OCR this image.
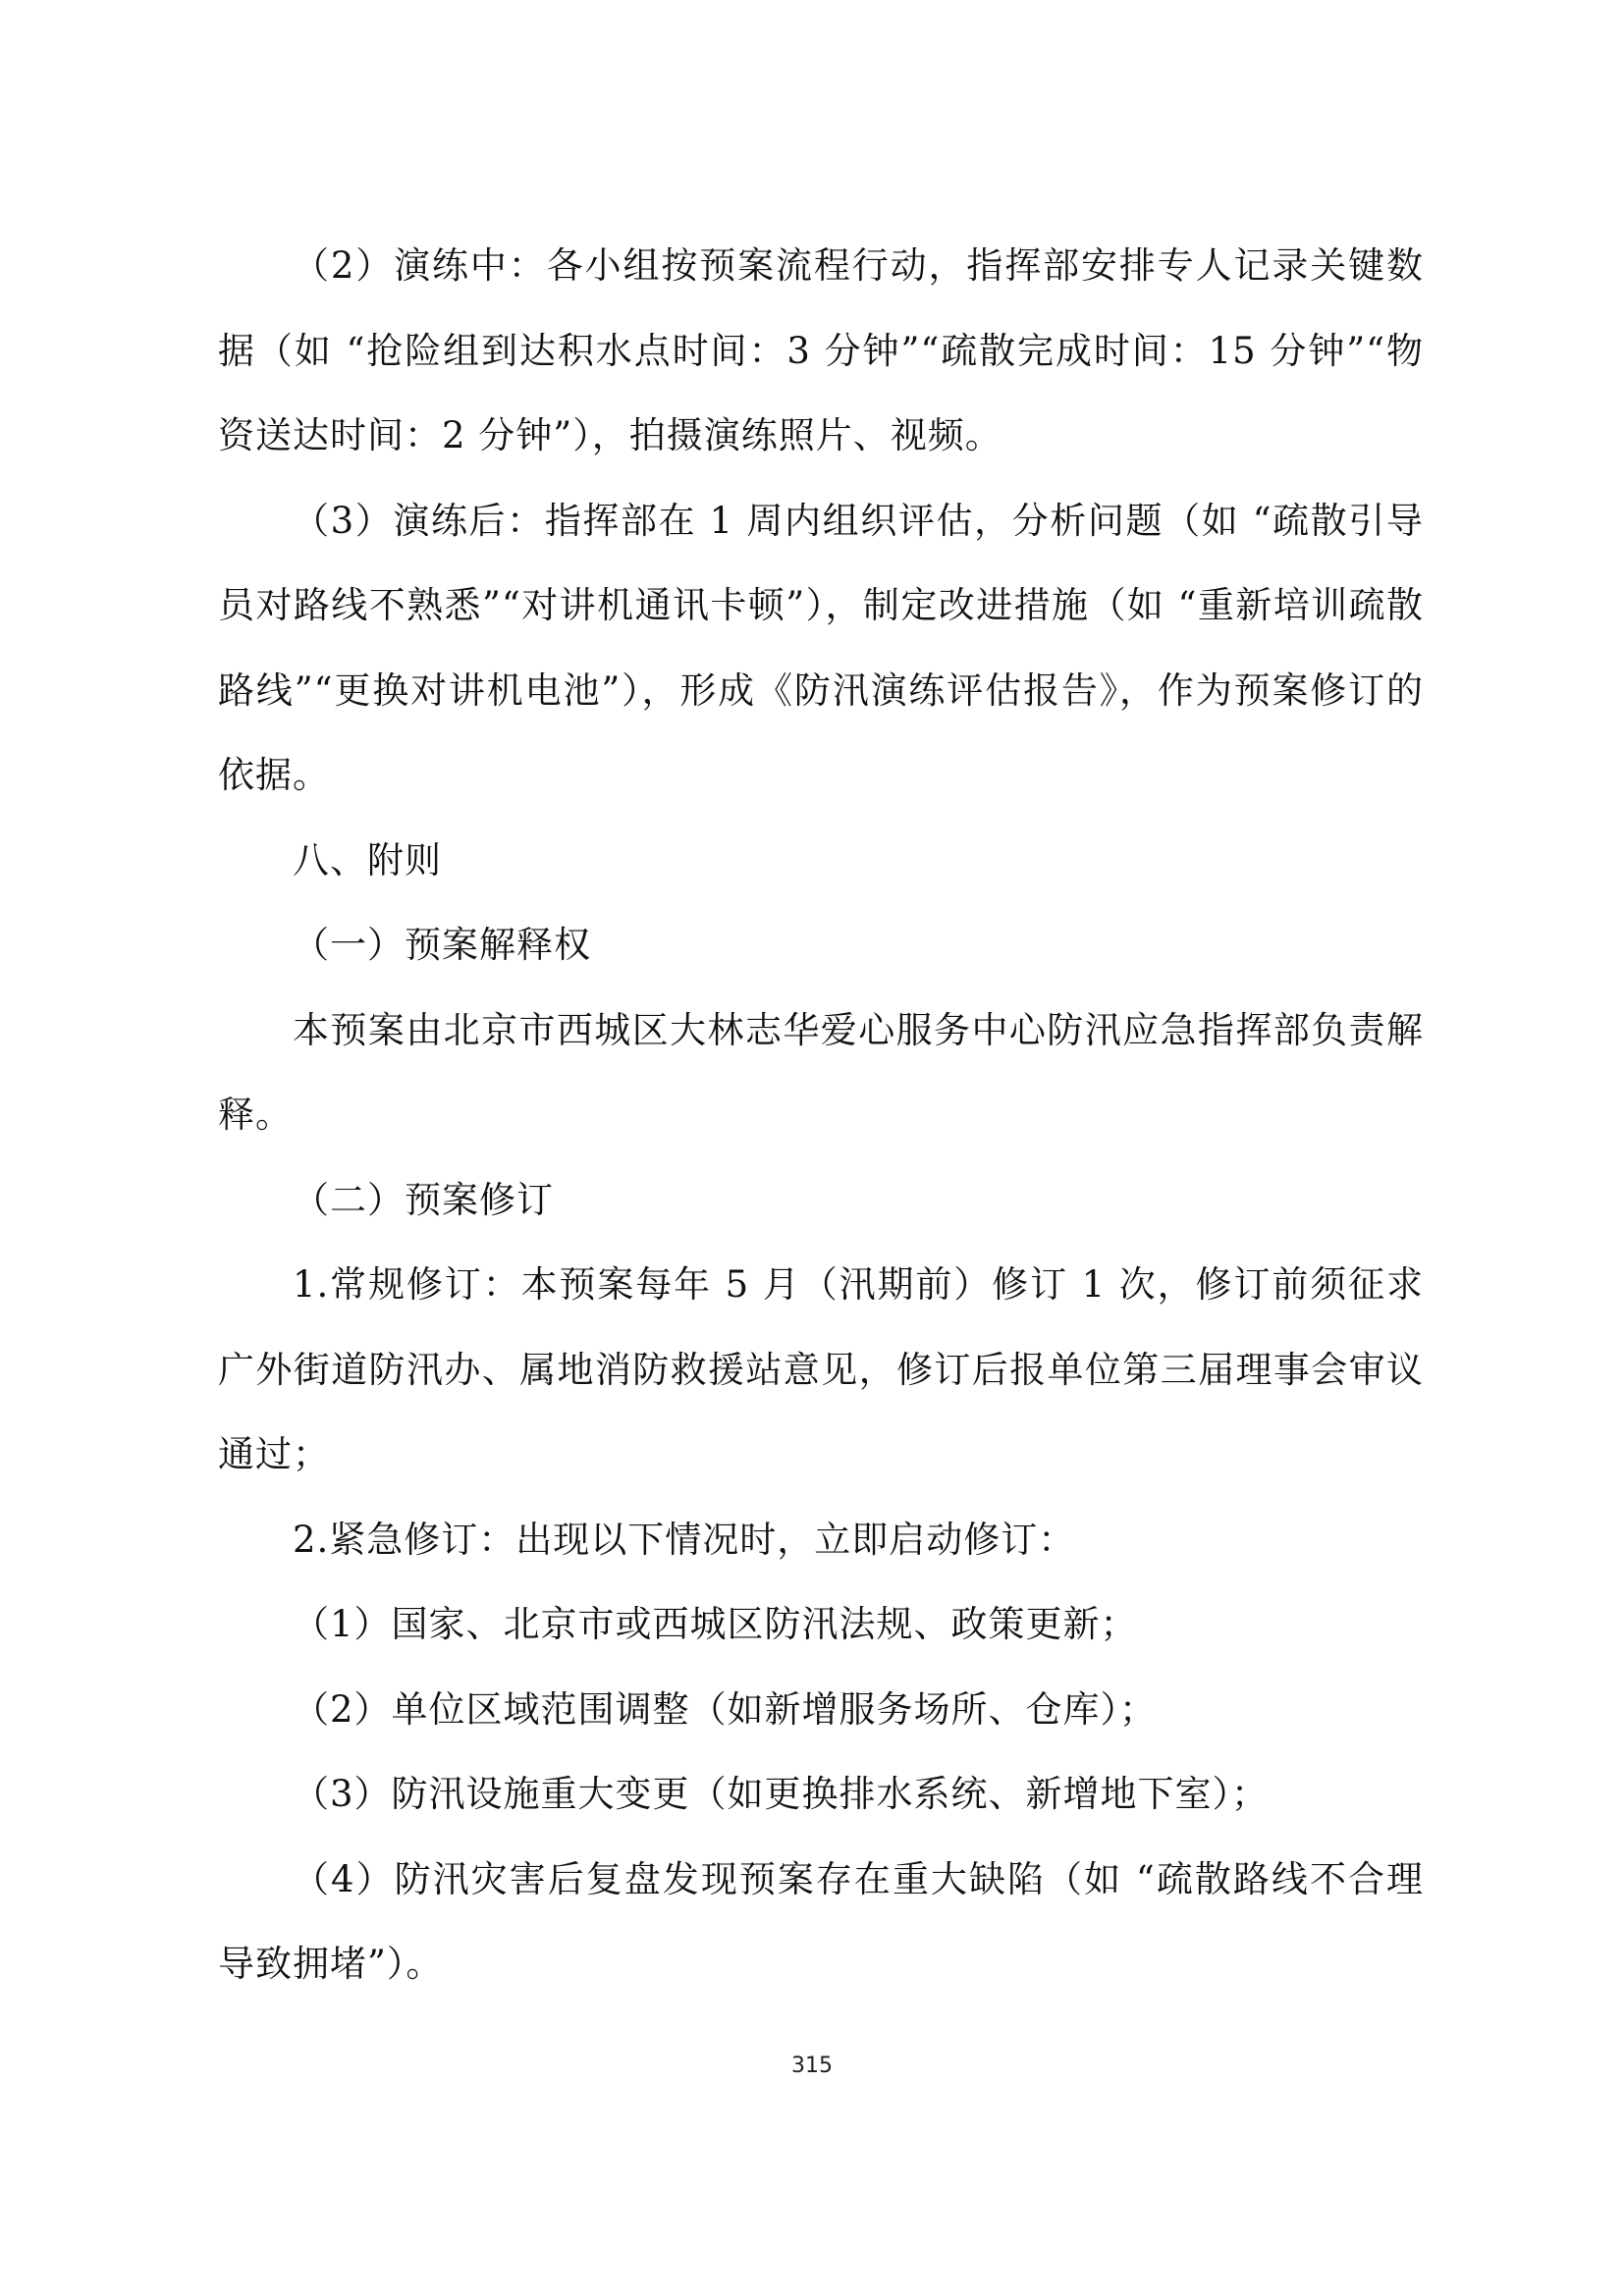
（2）演练中：各小组按预案流程行动，指挥部安排专人记录关键数据（如 “抢险组到达积水点时间：3 分钟”“疏散完成时间：15 分钟”“物资送达时间：2 分钟”），拍摄演练照片、视频。

（3）演练后：指挥部在 1 周内组织评估，分析问题（如 “疏散引导员对路线不熟悉”“对讲机通讯卡顿”），制定改进措施（如 “重新培训疏散路线”“更换对讲机电池”），形成《防汛演练评估报告》，作为预案修订的依据。

八、附则

（一）预案解释权

本预案由北京市西城区大林志华爱心服务中心防汛应急指挥部负责解释。

（二）预案修订

1.常规修订：本预案每年 5 月（汛期前）修订 1 次，修订前须征求广外街道防汛办、属地消防救援站意见，修订后报单位第三届理事会审议通过；

2.紧急修订：出现以下情况时，立即启动修订：

（1）国家、北京市或西城区防汛法规、政策更新；

（2）单位区域范围调整（如新增服务场所、仓库）；

（3）防汛设施重大变更（如更换排水系统、新增地下室）；

（4）防汛灾害后复盘发现预案存在重大缺陷（如 “疏散路线不合理导致拥堵”）。

315
